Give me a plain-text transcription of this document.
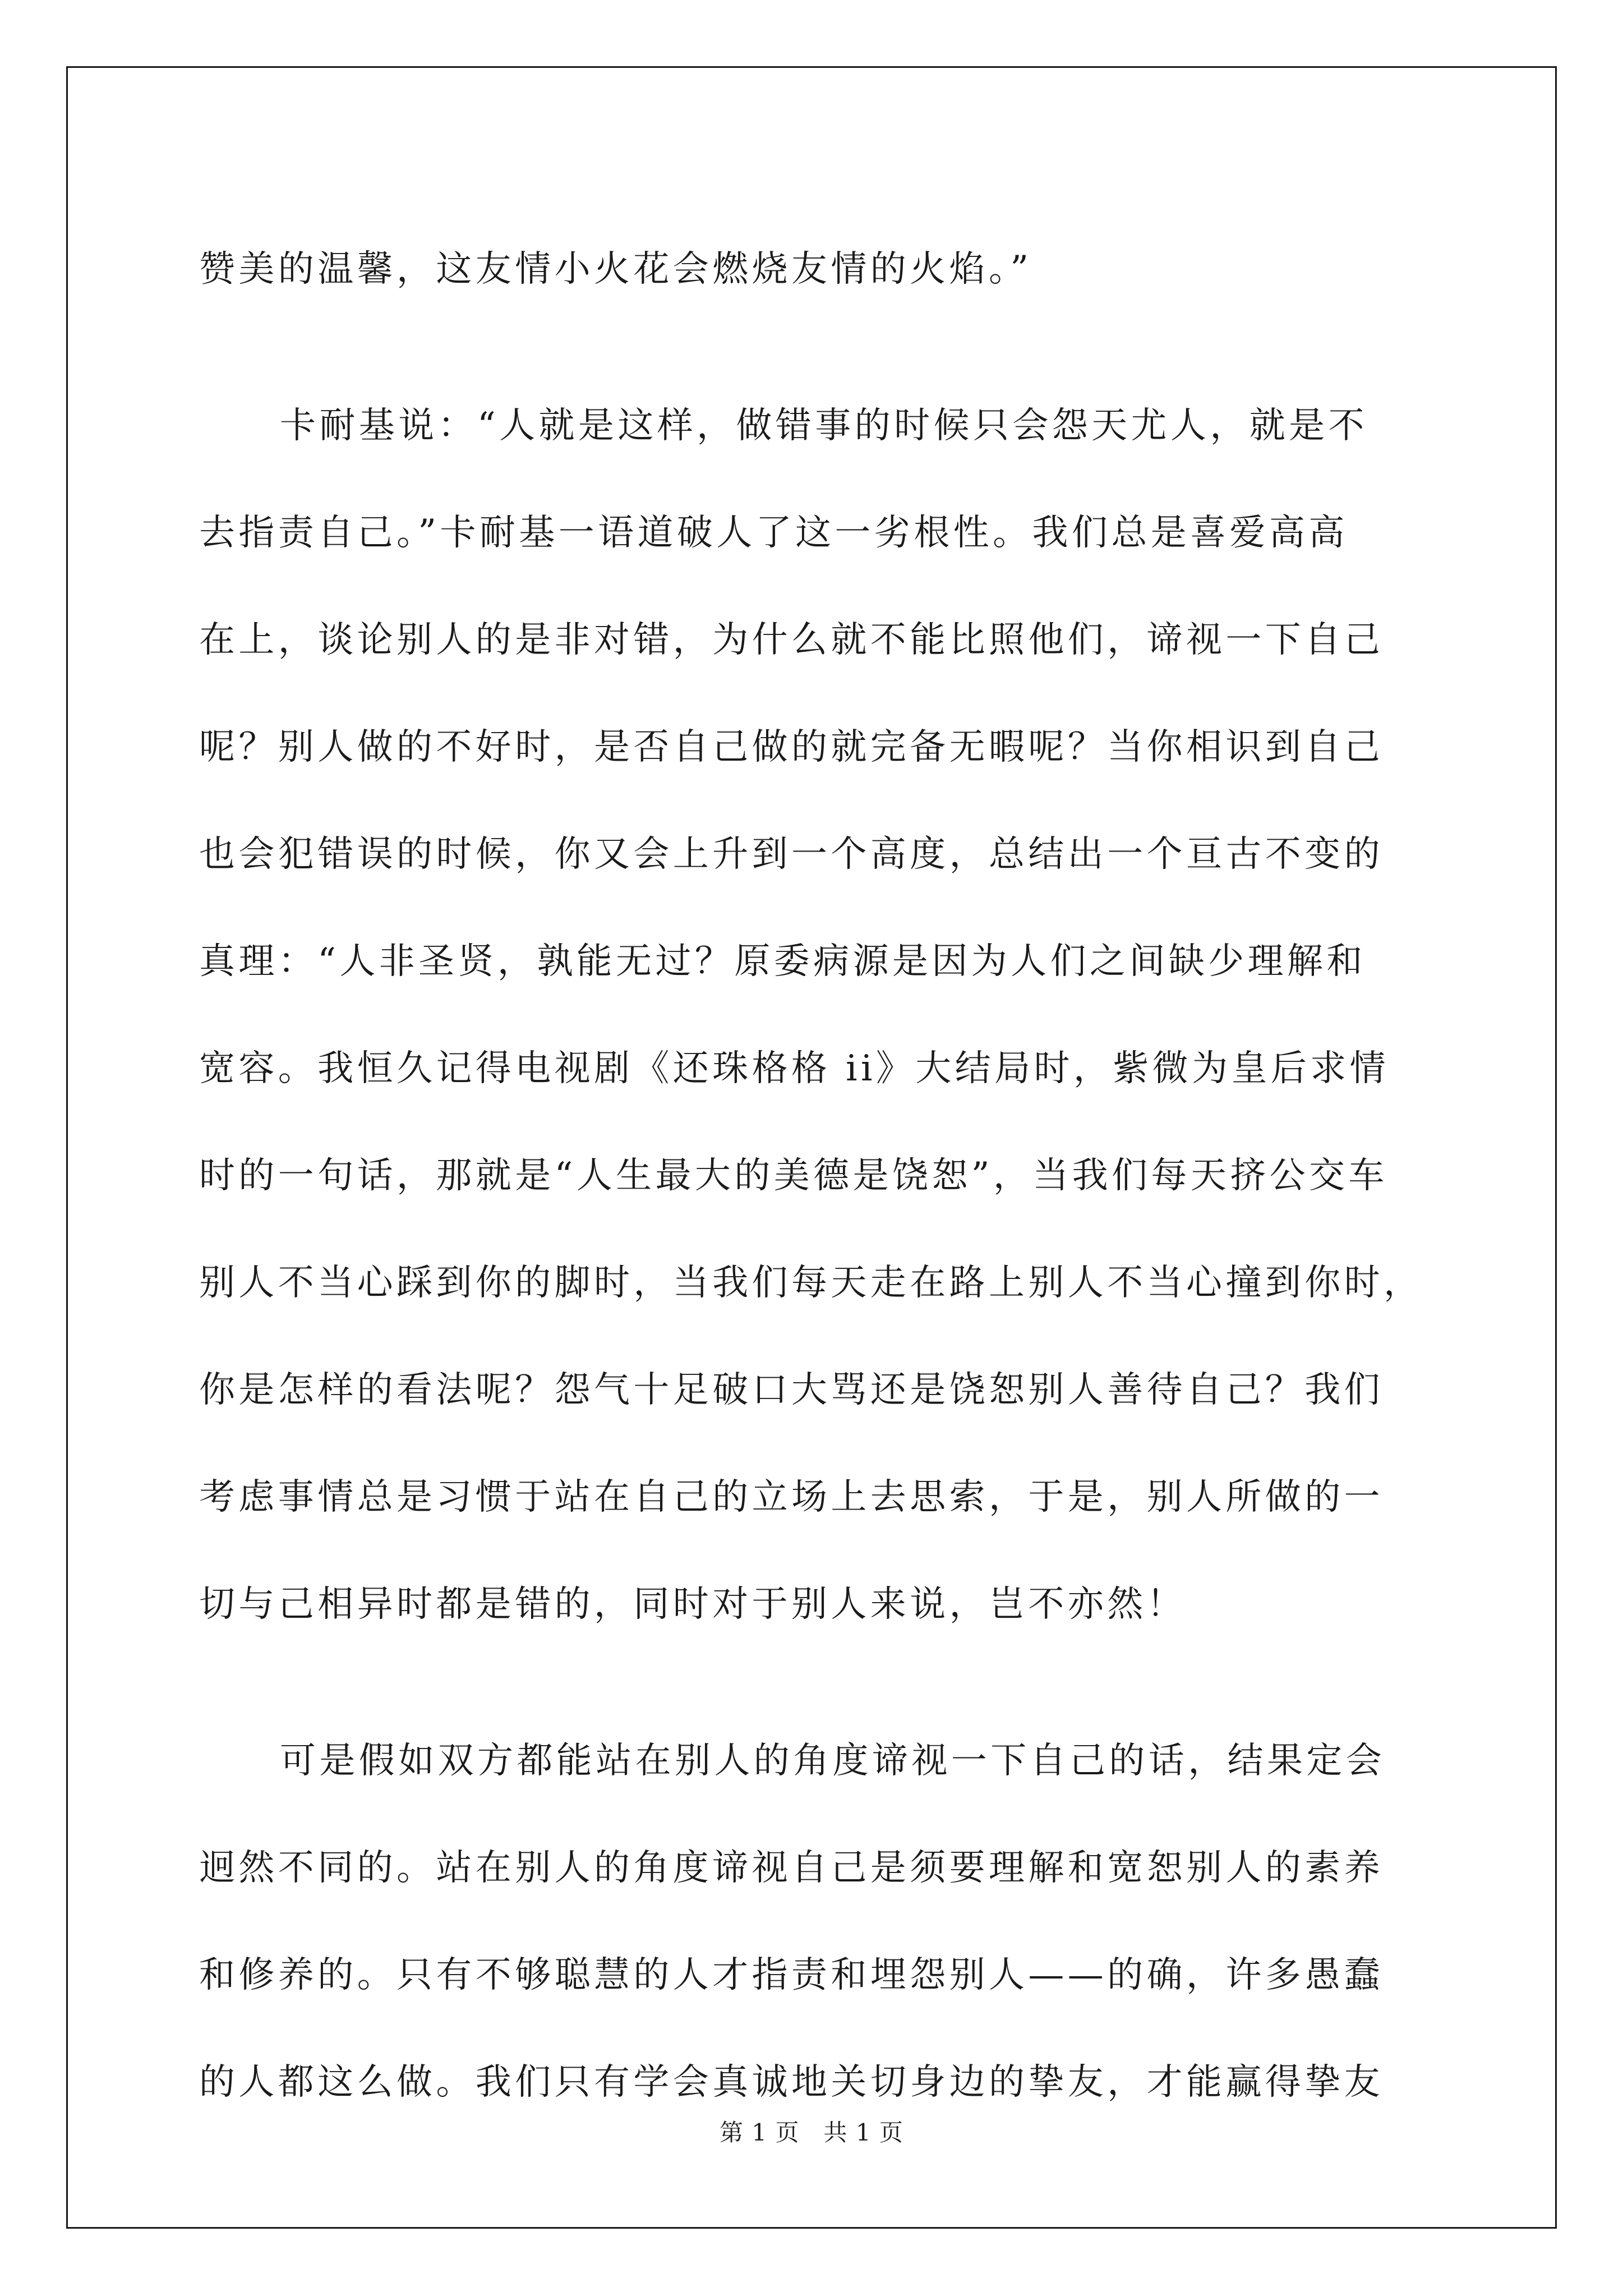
赞美的温馨，这友情小火花会燃烧友情的火焰。”
卡耐基说：“人就是这样，做错事的时候只会怨天尤人，就是不
去指责自己。”卡耐基一语道破人了这一劣根性。我们总是喜爱高高
在上，谈论别人的是非对错，为什么就不能比照他们，谛视一下自己
呢？别人做的不好时，是否自己做的就完备无暇呢？当你相识到自己
也会犯错误的时候，你又会上升到一个高度，总结出一个亘古不变的
真理：“人非圣贤，孰能无过？原委病源是因为人们之间缺少理解和
宽容。我恒久记得电视剧《还珠格格 ii》大结局时，紫微为皇后求情
时的一句话，那就是“人生最大的美德是饶恕”，当我们每天挤公交车
别人不当心踩到你的脚时，当我们每天走在路上别人不当心撞到你时，
你是怎样的看法呢？怨气十足破口大骂还是饶恕别人善待自己？我们
考虑事情总是习惯于站在自己的立场上去思索，于是，别人所做的一
切与己相异时都是错的，同时对于别人来说，岂不亦然！
可是假如双方都能站在别人的角度谛视一下自己的话，结果定会
迥然不同的。站在别人的角度谛视自己是须要理解和宽恕别人的素养
和修养的。只有不够聪慧的人才指责和埋怨别人——的确，许多愚蠢
的人都这么做。我们只有学会真诚地关切身边的挚友，才能赢得挚友
第 1 页　共 1 页
